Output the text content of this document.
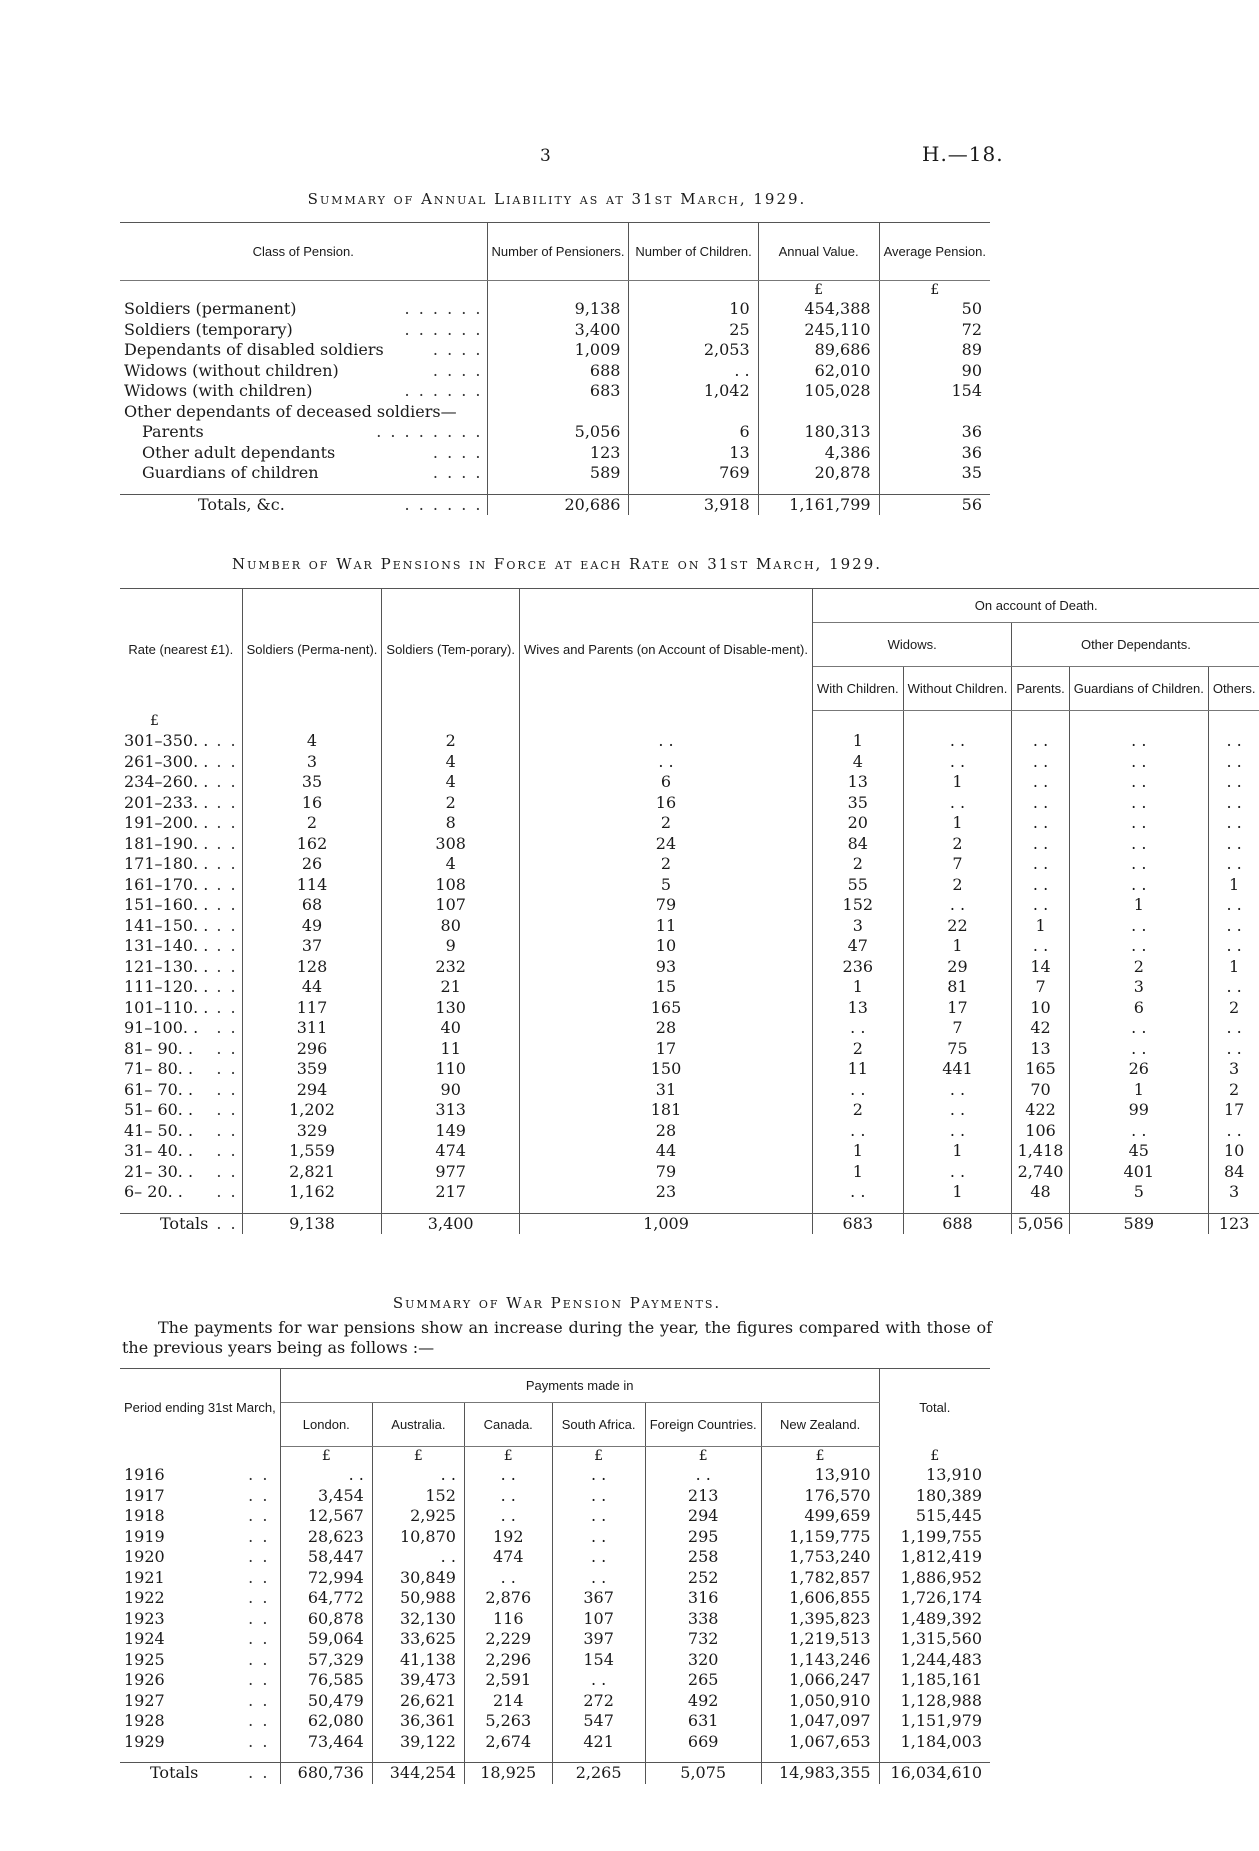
3	H.—18.
Summary of Annual Liability as at 31st March, 1929.
Class of Pension.	Number of Pensioners.	Number of Children.	Annual Value.	Average Pension.
			£	£
Soldiers (permanent) . . . . . .	9,138	10	454,388	50
Soldiers (temporary) . . . . . .	3,400	25	245,110	72
Dependants of disabled soldiers . . . .	1,009	2,053	89,686	89
Widows (without children) . . . .	688	. .	62,010	90
Widows (with children) . . . . . .	683	1,042	105,028	154
Other dependants of deceased soldiers—

Parents . . . . . . . .	5,056	6	180,313	36
Other adult dependants . . . .	123	13	4,386	36
Guardians of children . . . .	589	769	20,878	35

Totals, &c. . . . . . .	20,686	3,918	1,161,799	56
Number of War Pensions in Force at each Rate on 31st March, 1929.
Rate (nearest £1).		Soldiers (Perma-nent).	Soldiers (Tem-porary).	Wives and Parents (on Account of Disable-ment).	On account of Death.				
					Widows.		Other Dependants.		
					With Children.	Without Children.	Parents.	Guardians of Children.	Others.
£									
301–350. .	. .	4	2	. .	1	. .	. .	. .	. .
261–300. .	. .	3	4	. .	4	. .	. .	. .	. .
234–260. .	. .	35	4	6	13	1	. .	. .	. .
201–233. .	. .	16	2	16	35	. .	. .	. .	. .
191–200. .	. .	2	8	2	20	1	. .	. .	. .
181–190. .	. .	162	308	24	84	2	. .	. .	. .
171–180. .	. .	26	4	2	2	7	. .	. .	. .
161–170. .	. .	114	108	5	55	2	. .	. .	1
151–160. .	. .	68	107	79	152	. .	. .	1	. .
141–150. .	. .	49	80	11	3	22	1	. .	. .
131–140. .	. .	37	9	10	47	1	. .	. .	. .
121–130. .	. .	128	232	93	236	29	14	2	1
111–120. .	. .	44	21	15	1	81	7	3	. .
101–110. .	. .	117	130	165	13	17	10	6	2
91–100. .	. .	311	40	28	. .	7	42	. .	. .
81– 90. .	. .	296	11	17	2	75	13	. .	. .
71– 80. .	. .	359	110	150	11	441	165	26	3
61– 70. .	. .	294	90	31	. .	. .	70	1	2
51– 60. .	. .	1,202	313	181	2	. .	422	99	17
41– 50. .	. .	329	149	28	. .	. .	106	. .	. .
31– 40. .	. .	1,559	474	44	1	1	1,418	45	10
21– 30. .	. .	2,821	977	79	1	. .	2,740	401	84
6– 20. .	. .	1,162	217	23	. .	1	48	5	3

Totals	. .	9,138	3,400	1,009	683	688	5,056	589	123
Summary of War Pension Payments.

The payments for war pensions show an increase during the year, the figures compared with those of the previous years being as follows :—

Period ending 31st March,		Payments made in						Total.
		London.	Australia.	Canada.	South Africa.	Foreign Countries.	New Zealand.	
		£	£	£	£	£	£	£
1916	. .	. .	. .	. .	. .	. .	13,910	13,910
1917	. .	3,454	152	. .	. .	213	176,570	180,389
1918	. .	12,567	2,925	. .	. .	294	499,659	515,445
1919	. .	28,623	10,870	192	. .	295	1,159,775	1,199,755
1920	. .	58,447	. .	474	. .	258	1,753,240	1,812,419
1921	. .	72,994	30,849	. .	. .	252	1,782,857	1,886,952
1922	. .	64,772	50,988	2,876	367	316	1,606,855	1,726,174
1923	. .	60,878	32,130	116	107	338	1,395,823	1,489,392
1924	. .	59,064	33,625	2,229	397	732	1,219,513	1,315,560
1925	. .	57,329	41,138	2,296	154	320	1,143,246	1,244,483
1926	. .	76,585	39,473	2,591	. .	265	1,066,247	1,185,161
1927	. .	50,479	26,621	214	272	492	1,050,910	1,128,988
1928	. .	62,080	36,361	5,263	547	631	1,047,097	1,151,979
1929	. .	73,464	39,122	2,674	421	669	1,067,653	1,184,003

Totals	. .	680,736	344,254	18,925	2,265	5,075	14,983,355	16,034,610
